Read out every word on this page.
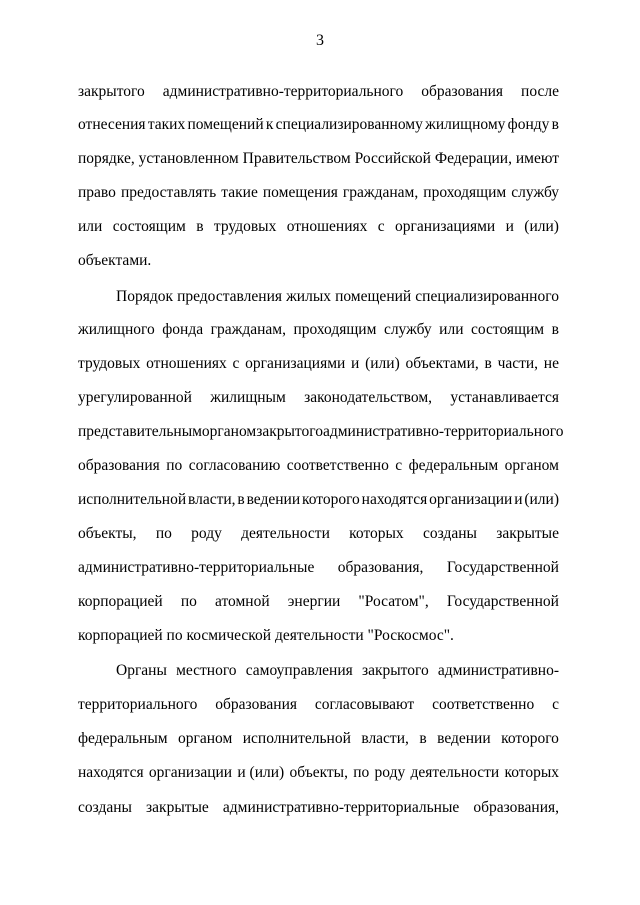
3
закрытого административно-территориального образования после
отнесения таких помещений к специализированному жилищному фонду в
порядке, установленном Правительством Российской Федерации, имеют
право предоставлять такие помещения гражданам, проходящим службу
или состоящим в трудовых отношениях с организациями и (или)
объектами.
Порядок предоставления жилых помещений специализированного
жилищного фонда гражданам, проходящим службу или состоящим в
трудовых отношениях с организациями и (или) объектами, в части, не
урегулированной жилищным законодательством, устанавливается
представительным органом закрытого административно-территориального
образования по согласованию соответственно с федеральным органом
исполнительной власти, в ведении которого находятся организации и (или)
объекты, по роду деятельности которых созданы закрытые
административно-территориальные образования, Государственной
корпорацией по атомной энергии "Росатом", Государственной
корпорацией по космической деятельности "Роскосмос".
Органы местного самоуправления закрытого административно-
территориального образования согласовывают соответственно с
федеральным органом исполнительной власти, в ведении которого
находятся организации и (или) объекты, по роду деятельности которых
созданы закрытые административно-территориальные образования,
